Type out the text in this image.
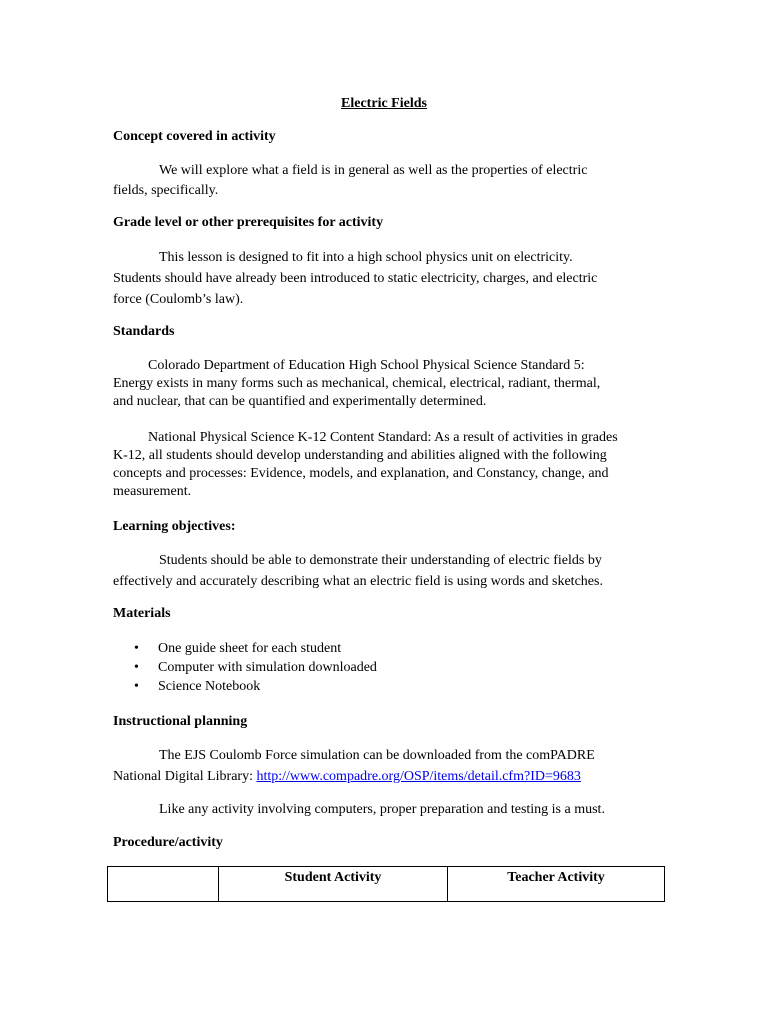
Electric Fields
Concept covered in activity
We will explore what a field is in general as well as the properties of electric
fields, specifically.
Grade level or other prerequisites for activity
This lesson is designed to fit into a high school physics unit on electricity.
Students should have already been introduced to static electricity, charges, and electric
force (Coulomb’s law).
Standards
Colorado Department of Education High School Physical Science Standard 5:
Energy exists in many forms such as mechanical, chemical, electrical, radiant, thermal,
and nuclear, that can be quantified and experimentally determined.
National Physical Science K-12 Content Standard: As a result of activities in grades
K-12, all students should develop understanding and abilities aligned with the following
concepts and processes: Evidence, models, and explanation, and Constancy, change, and
measurement.
Learning objectives:
Students should be able to demonstrate their understanding of electric fields by
effectively and accurately describing what an electric field is using words and sketches.
Materials
• One guide sheet for each student
• Computer with simulation downloaded
• Science Notebook
Instructional planning
The EJS Coulomb Force simulation can be downloaded from the comPADRE
National Digital Library: http://www.compadre.org/OSP/items/detail.cfm?ID=9683
Like any activity involving computers, proper preparation and testing is a must.
Procedure/activity
	Student Activity	Teacher Activity
